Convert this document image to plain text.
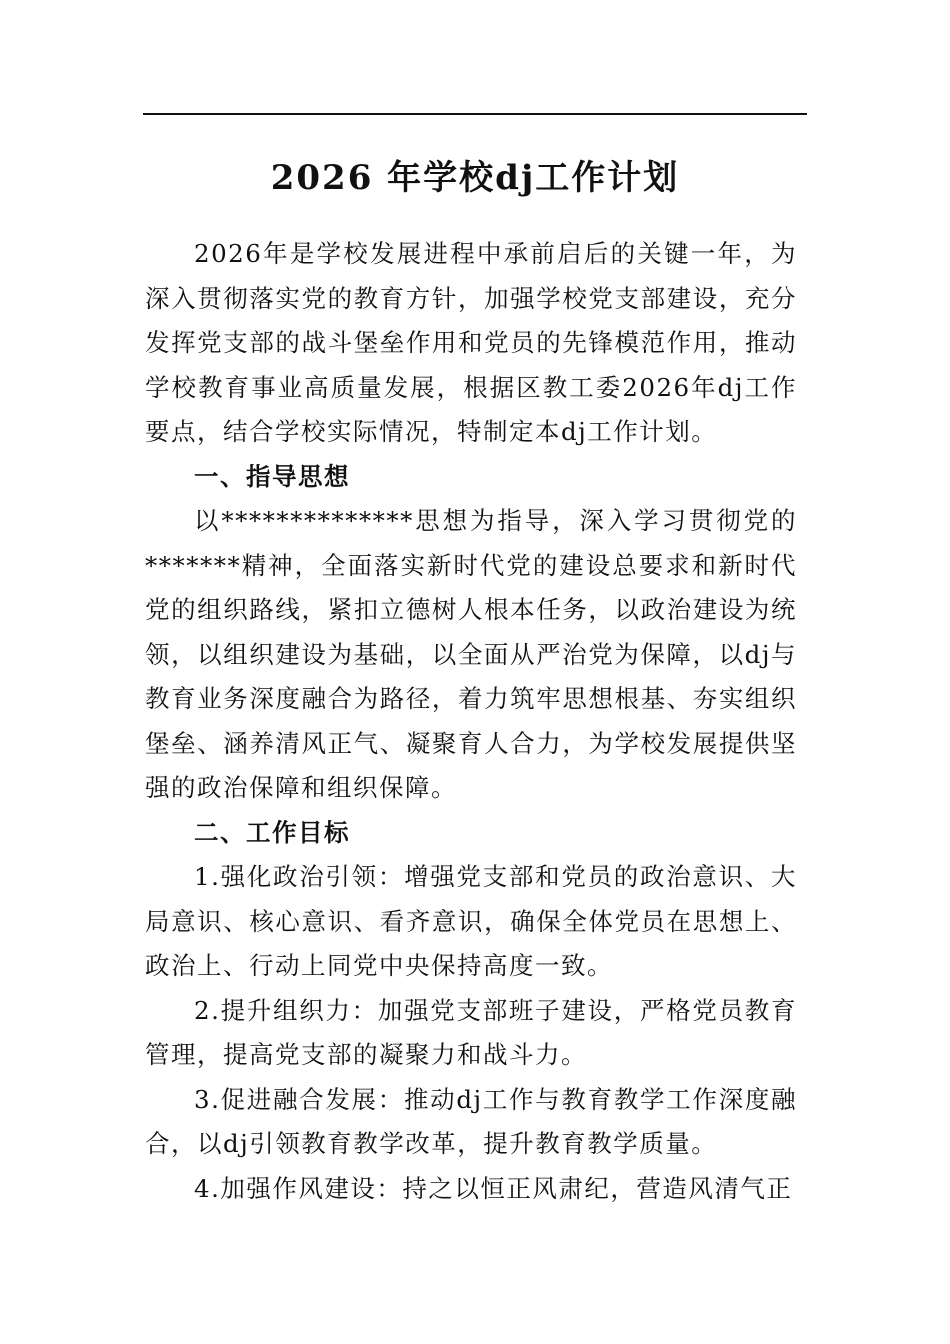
2026 年学校dj工作计划

2026年是学校发展进程中承前启后的关键一年，为深入贯彻落实党的教育方针，加强学校党支部建设，充分发挥党支部的战斗堡垒作用和党员的先锋模范作用，推动学校教育事业高质量发展，根据区教工委2026年dj工作要点，结合学校实际情况，特制定本dj工作计划。

一、指导思想

以**************思想为指导，深入学习贯彻党的*******精神，全面落实新时代党的建设总要求和新时代党的组织路线，紧扣立德树人根本任务，以政治建设为统领，以组织建设为基础，以全面从严治党为保障，以dj与教育业务深度融合为路径，着力筑牢思想根基、夯实组织堡垒、涵养清风正气、凝聚育人合力，为学校发展提供坚强的政治保障和组织保障。

二、工作目标

1.强化政治引领：增强党支部和党员的政治意识、大局意识、核心意识、看齐意识，确保全体党员在思想上、政治上、行动上同党中央保持高度一致。

2.提升组织力：加强党支部班子建设，严格党员教育管理，提高党支部的凝聚力和战斗力。

3.促进融合发展：推动dj工作与教育教学工作深度融合，以dj引领教育教学改革，提升教育教学质量。

4.加强作风建设：持之以恒正风肃纪，营造风清气正
